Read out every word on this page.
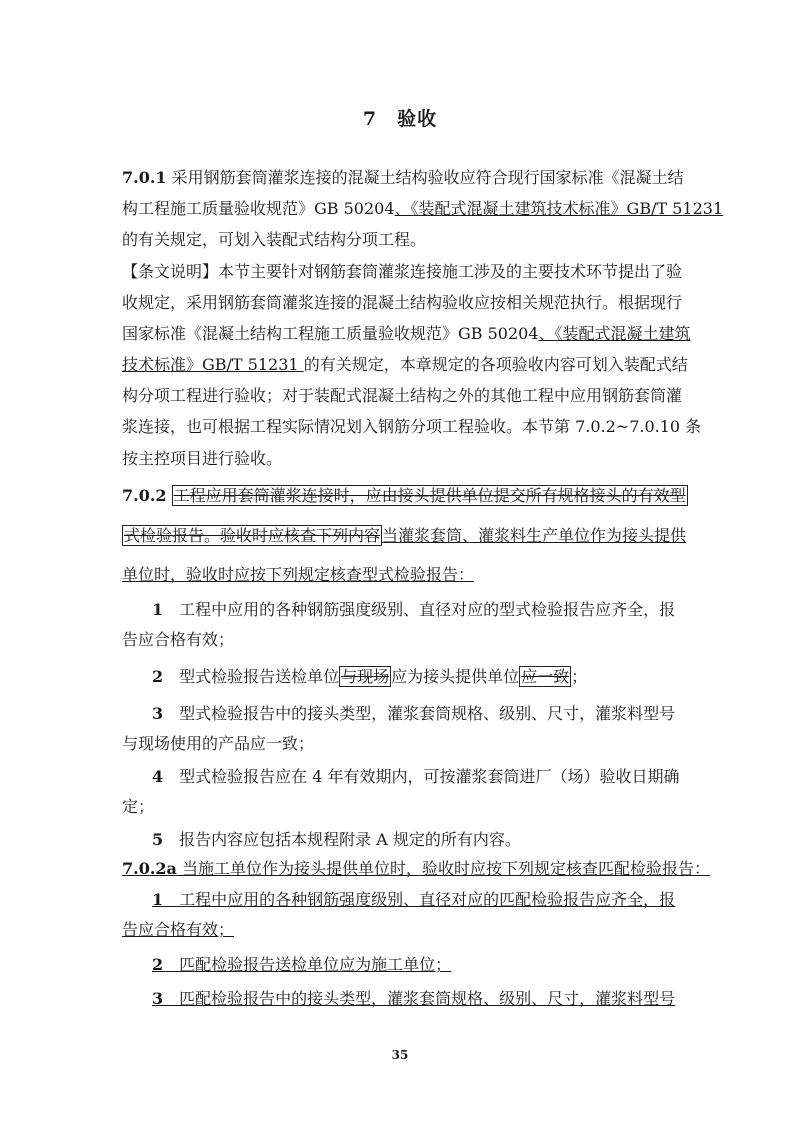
7　验收
7.0.1 采用钢筋套筒灌浆连接的混凝土结构验收应符合现行国家标准《混凝土结
构工程施工质量验收规范》GB 50204、《装配式混凝土建筑技术标准》GB/T 51231
的有关规定，可划入装配式结构分项工程。
【条文说明】本节主要针对钢筋套筒灌浆连接施工涉及的主要技术环节提出了验
收规定，采用钢筋套筒灌浆连接的混凝土结构验收应按相关规范执行。根据现行
国家标准《混凝土结构工程施工质量验收规范》GB 50204、《装配式混凝土建筑
技术标准》GB/T 51231 的有关规定，本章规定的各项验收内容可划入装配式结
构分项工程进行验收；对于装配式混凝土结构之外的其他工程中应用钢筋套筒灌
浆连接，也可根据工程实际情况划入钢筋分项工程验收。本节第 7.0.2~7.0.10 条
按主控项目进行验收。
7.0.2 工程应用套筒灌浆连接时，应由接头提供单位提交所有规格接头的有效型
式检验报告。验收时应核查下列内容 当灌浆套筒、灌浆料生产单位作为接头提供
单位时，验收时应按下列规定核查型式检验报告：
1　工程中应用的各种钢筋强度级别、直径对应的型式检验报告应齐全，报
告应合格有效；
2　型式检验报告送检单位 与现场 应为接头提供单位 应一致 ；
3　型式检验报告中的接头类型，灌浆套筒规格、级别、尺寸，灌浆料型号
与现场使用的产品应一致；
4　型式检验报告应在 4 年有效期内，可按灌浆套筒进厂（场）验收日期确
定；
5　报告内容应包括本规程附录 A 规定的所有内容。
7.0.2a 当施工单位作为接头提供单位时，验收时应按下列规定核查匹配检验报告：
1　工程中应用的各种钢筋强度级别、直径对应的匹配检验报告应齐全，报
告应合格有效；
2　匹配检验报告送检单位应为施工单位；
3　匹配检验报告中的接头类型，灌浆套筒规格、级别、尺寸，灌浆料型号
35
